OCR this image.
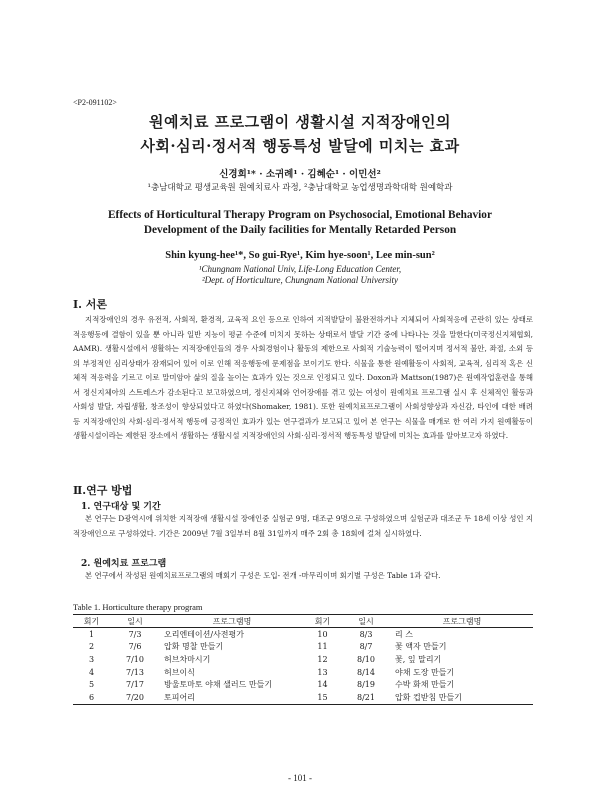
<P2-091102>
원예치료 프로그램이 생활시설 지적장애인의
사회·심리·정서적 행동특성 발달에 미치는 효과
신경희¹* · 소귀례¹ · 김혜순¹ · 이민선²
¹충남대학교 평생교육원 원예치료사 과정, ²충남대학교 농업생명과학대학 원예학과
Effects of Horticultural Therapy Program on Psychosocial, Emotional Behavior
Development of the Daily facilities for Mentally Retarded Person
Shin kyung-hee¹*, So gui-Rye¹, Kim hye-soon¹, Lee min-sun²
¹Chungnam National Univ, Life-Long Education Center,
²Dept. of Horticulture, Chungnam National University
Ⅰ. 서론

지적장애인의 경우 유전적, 사회적, 환경적, 교육적 요인 등으로 인하여 지적발달이 불완전하거나 지체되어 사회적응에 곤란히 있는 상태로 적응행동에 결함이 있을 뿐 아니라 일반 지능이 평균 수준에 미치지 못하는 상태로서 발달 기간 중에 나타나는 것을 말한다(미국정신지체협회, AAMR). 생활시설에서 생활하는 지적장애인들의 경우 사회경험이나 활동의 제한으로 사회적 기술능력이 떨어지며 정서적 불안, 좌절, 소외 등의 부정적인 심리상태가 잠재되어 있어 이로 인해 적응행동에 문제점을 보이기도 한다. 식물을 통한 원예활동이 사회적, 교육적, 심리적 혹은 신체적 적응력을 기르고 이로 말미암아 삶의 질을 높이는 효과가 있는 것으로 인정되고 있다. Doxon과 Mattson(1987)은 원예작업훈련을 통해서 정신지체아의 스트레스가 감소된다고 보고하였으며, 정신지체와 언어장애를 겪고 있는 여성이 원예치료 프로그램 실시 후 신체적인 활동과 사회성 발달, 자립생활, 창조성이 향상되었다고 하였다(Shomaker, 1981). 또한 원예치료프로그램이 사회성향상과 자신감, 타인에 대한 배려 등 지적장애인의 사회·심리·정서적 행동에 긍정적인 효과가 있는 연구결과가 보고되고 있어 본 연구는 식물을 매개로 한 여러 가지 원예활동이 생활시설이라는 제한된 장소에서 생활하는 생활시설 지적장애인의 사회·심리·정서적 행동특성 발달에 미치는 효과를 알아보고자 하였다.

Ⅱ.연구 방법
1. 연구대상 및 기간

본 연구는 D광역시에 위치한 지적장애 생활시설 장애인중 실험군 9명, 대조군 9명으로 구성하였으며 실험군과 대조군 두 18세 이상 성인 지적장애인으로 구성하였다. 기간은 2009년 7월 3일부터 8월 31일까지 매주 2회 총 18회에 걸쳐 실시하였다.

2. 원예치료 프로그램

본 연구에서 작성된 원예치료프로그램의 매회기 구성은 도입- 전개 -마무리이며 회기별 구성은 Table 1과 같다.

Table 1. Horticulture therapy program
회기	일시	프로그램명	회기	일시	프로그램명
1	7/3	오리엔테이션/사전평가	10	8/3	리 스
2	7/6	압화 명찰 만들기	11	8/7	꽃 액자 만들기
3	7/10	허브차마시기	12	8/10	꽃, 잎 말리기
4	7/13	허브이식	13	8/14	야채 도장 만들기
5	7/17	방울토마토 야채 샐러드 만들기	14	8/19	수박 화채 만들기
6	7/20	토피어리	15	8/21	압화 컵받침 만들기
- 101 -
